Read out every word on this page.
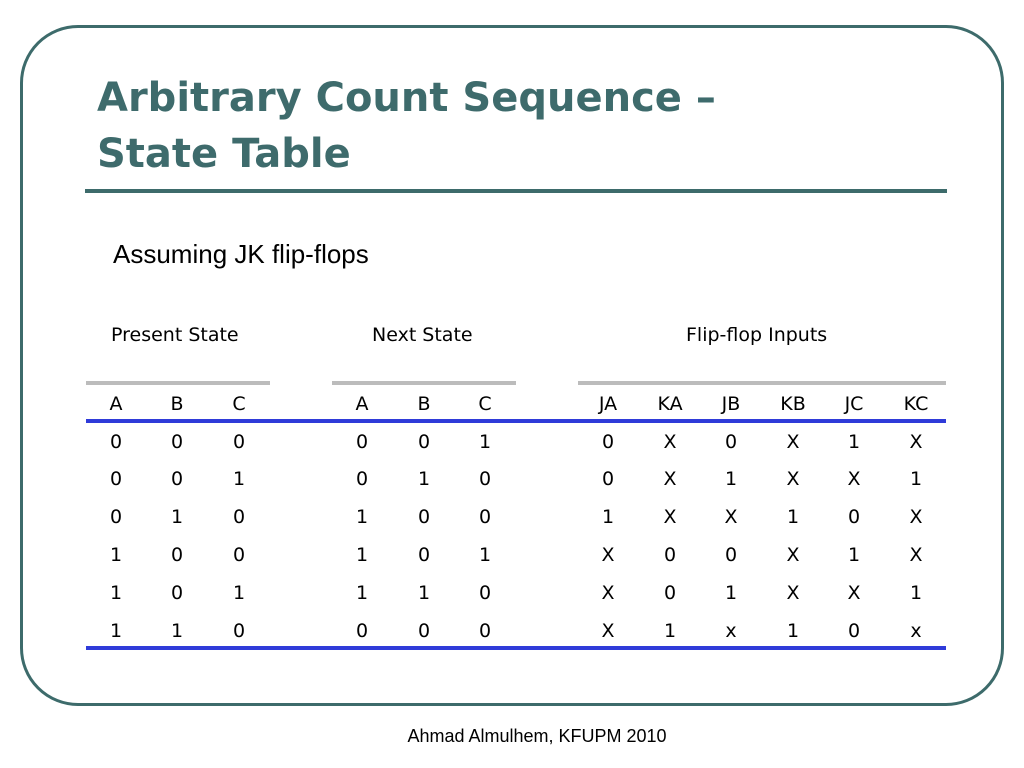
Arbitrary Count Sequence –
State Table
Assuming JK flip-flops
Present State	Next State	Flip-flop Inputs
A	B	C	A	B	C	JA	KA	JB	KB	JC	KC
0	0	0	0	0	1	0	X	0	X	1	X
0	0	1	0	1	0	0	X	1	X	X	1
0	1	0	1	0	0	1	X	X	1	0	X
1	0	0	1	0	1	X	0	0	X	1	X
1	0	1	1	1	0	X	0	1	X	X	1
1	1	0	0	0	0	X	1	x	1	0	x
Ahmad Almulhem, KFUPM 2010
